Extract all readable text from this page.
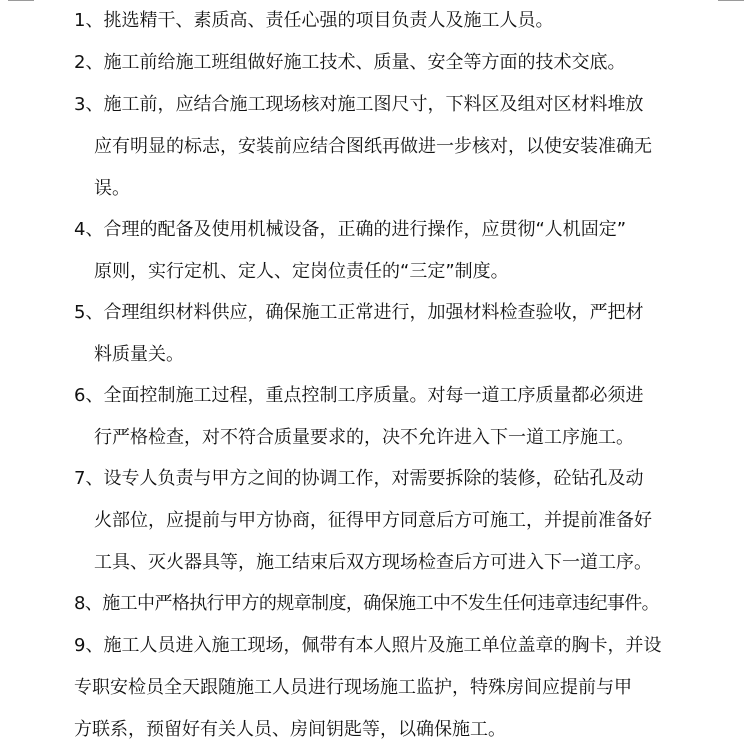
1、挑选精干、素质高、责任心强的项目负责人及施工人员。
2、施工前给施工班组做好施工技术、质量、安全等方面的技术交底。
3、施工前，应结合施工现场核对施工图尺寸，下料区及组对区材料堆放
应有明显的标志，安装前应结合图纸再做进一步核对，以使安装准确无
误。
4、合理的配备及使用机械设备，正确的进行操作，应贯彻“人机固定”
原则，实行定机、定人、定岗位责任的“三定”制度。
5、合理组织材料供应，确保施工正常进行，加强材料检查验收，严把材
料质量关。
6、全面控制施工过程，重点控制工序质量。对每一道工序质量都必须进
行严格检查，对不符合质量要求的，决不允许进入下一道工序施工。
7、设专人负责与甲方之间的协调工作，对需要拆除的装修，砼钻孔及动
火部位，应提前与甲方协商，征得甲方同意后方可施工，并提前准备好
工具、灭火器具等，施工结束后双方现场检查后方可进入下一道工序。
8、施工中严格执行甲方的规章制度，确保施工中不发生任何违章违纪事件。
9、施工人员进入施工现场，佩带有本人照片及施工单位盖章的胸卡，并设
专职安检员全天跟随施工人员进行现场施工监护，特殊房间应提前与甲
方联系，预留好有关人员、房间钥匙等，以确保施工。
